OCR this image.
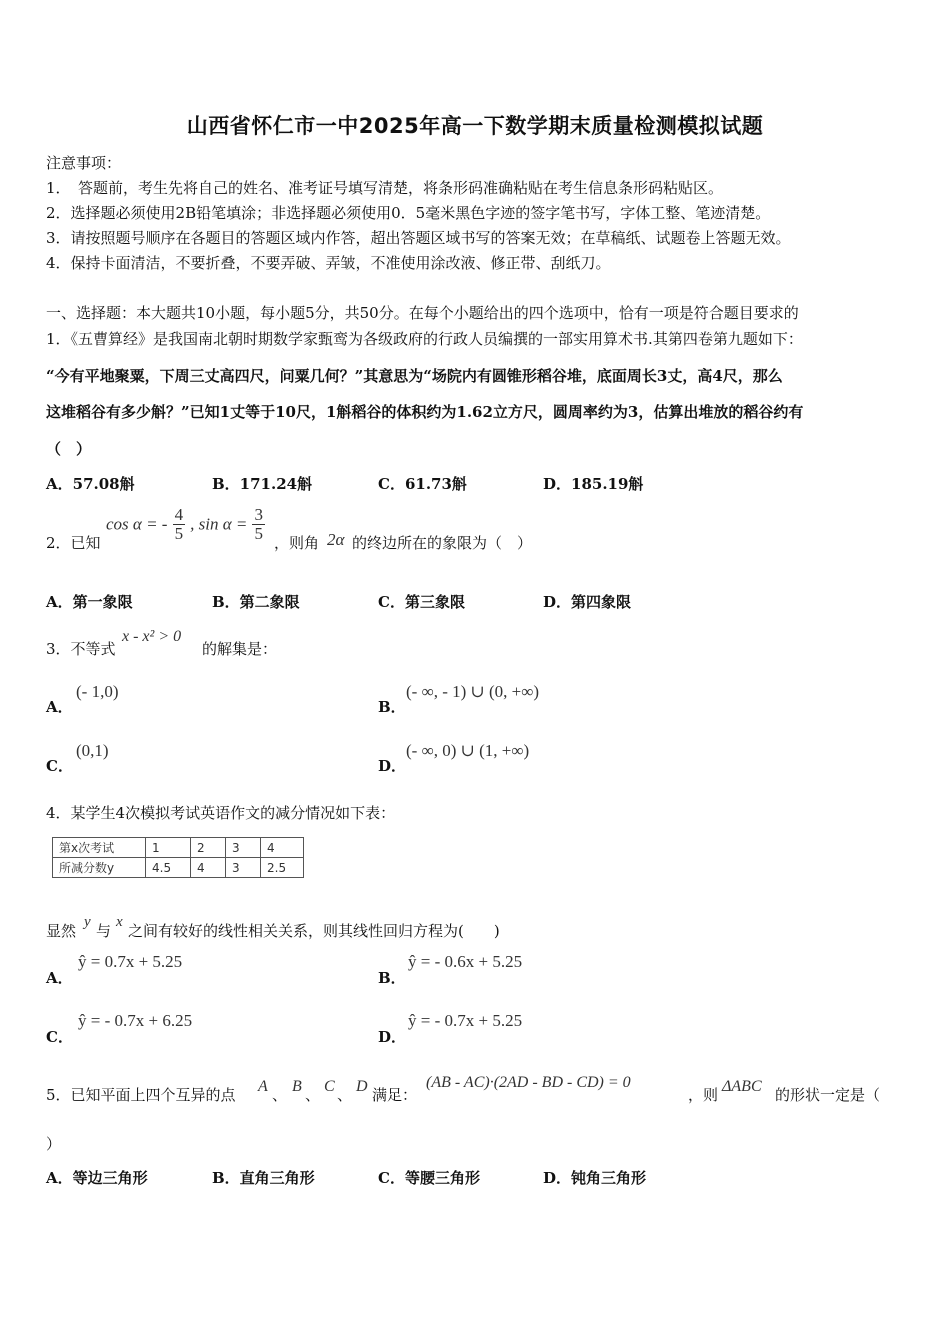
山西省怀仁市一中2025年高一下数学期末质量检测模拟试题
注意事项：
1．　答题前，考生先将自己的姓名、准考证号填写清楚，将条形码准确粘贴在考生信息条形码粘贴区。
2．选择题必须使用2B铅笔填涂；非选择题必须使用0．5毫米黑色字迹的签字笔书写，字体工整、笔迹清楚。
3．请按照题号顺序在各题目的答题区域内作答，超出答题区域书写的答案无效；在草稿纸、试题卷上答题无效。
4．保持卡面清洁，不要折叠，不要弄破、弄皱，不准使用涂改液、修正带、刮纸刀。
一、选择题：本大题共10小题，每小题5分，共50分。在每个小题给出的四个选项中，恰有一项是符合题目要求的
1．《五曹算经》是我国南北朝时期数学家甄鸾为各级政府的行政人员编撰的一部实用算术书.其第四卷第九题如下：
“今有平地聚粟，下周三丈高四尺，问粟几何？”其意思为“场院内有圆锥形稻谷堆，底面周长3丈，高4尺，那么
这堆稻谷有多少斛？”已知1丈等于10尺，1斛稻谷的体积约为1.62立方尺，圆周率约为3，估算出堆放的稻谷约有
（　）
A．57.08斛	B．171.24斛	C．61.73斛	D．185.19斛
2．已知
cos α = - $\frac{4}{5}$ , $\sin \alpha = \frac{3}{5}$ ，则角 2α 的终边所在的象限为（　）
A．第一象限	B．第二象限	C．第三象限	D．第四象限
3．不等式
x - x² > 0
的解集是：
A．
(- 1,0)
B．
(- ∞, - 1) ∪ (0, +∞)
C．
(0,1)
D．
(- ∞, 0) ∪ (1, +∞)
4．某学生4次模拟考试英语作文的减分情况如下表：
第x次考试	1	2	3	4
所减分数y	4.5	4	3	2.5
显然 y 与 x 之间有较好的线性相关关系，则其线性回归方程为(　　)
A．
ŷ = 0.7x + 5.25
B．
ŷ = - 0.6x + 5.25
C．
ŷ = - 0.7x + 6.25
D．
ŷ = - 0.7x + 5.25
5．已知平面上四个互异的点 A 、 B 、 C 、 D 满足：
(AB - AC)·(2AD - BD - CD) = 0
，则 ΔABC 的形状一定是（
）
A．等边三角形	B．直角三角形	C．等腰三角形	D．钝角三角形
